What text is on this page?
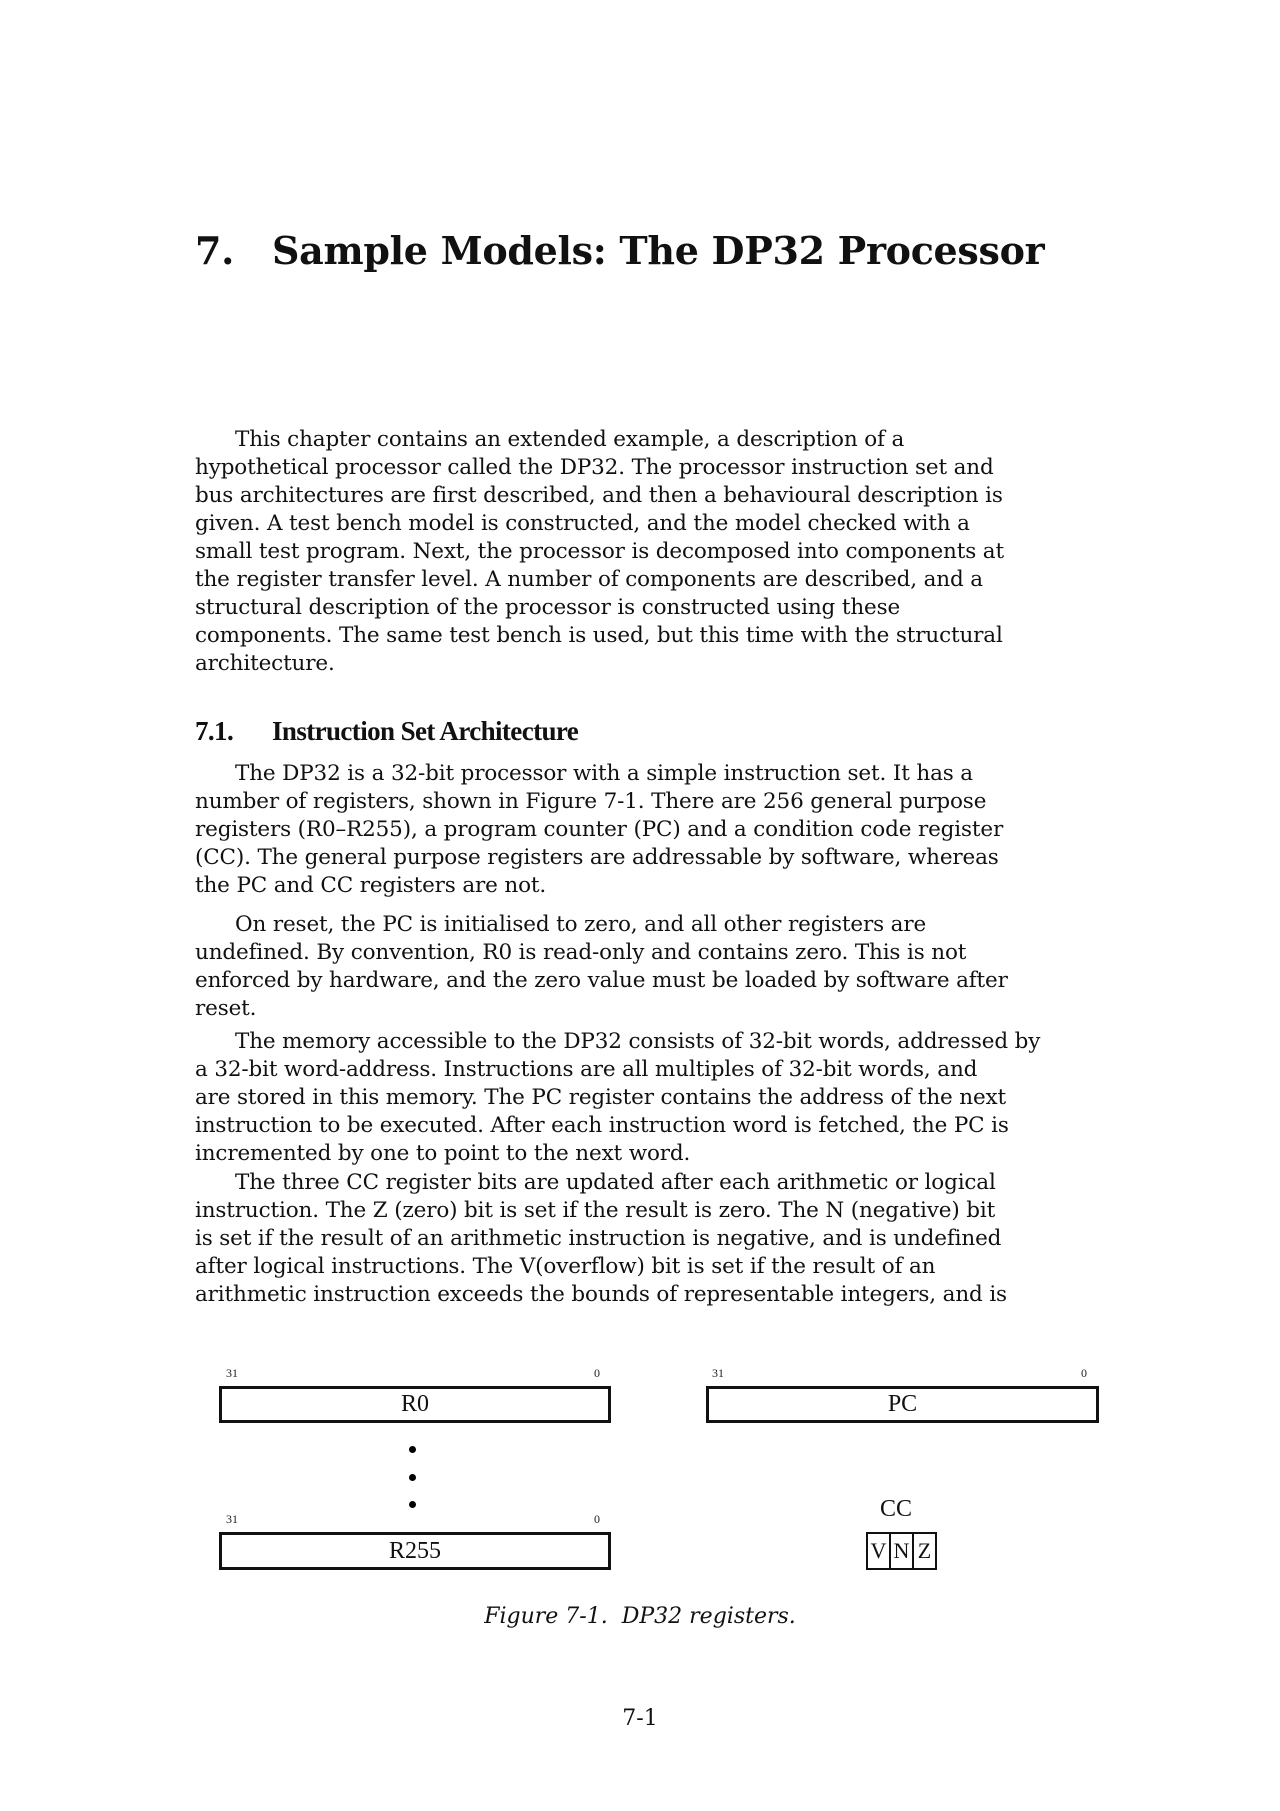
7. Sample Models: The DP32 Processor
This chapter contains an extended example, a description of a
hypothetical processor called the DP32. The processor instruction set and
bus architectures are first described, and then a behavioural description is
given. A test bench model is constructed, and the model checked with a
small test program. Next, the processor is decomposed into components at
the register transfer level. A number of components are described, and a
structural description of the processor is constructed using these
components. The same test bench is used, but this time with the structural
architecture.
7.1. Instruction Set Architecture
The DP32 is a 32-bit processor with a simple instruction set. It has a
number of registers, shown in Figure 7-1. There are 256 general purpose
registers (R0–R255), a program counter (PC) and a condition code register
(CC). The general purpose registers are addressable by software, whereas
the PC and CC registers are not.
On reset, the PC is initialised to zero, and all other registers are
undefined. By convention, R0 is read-only and contains zero. This is not
enforced by hardware, and the zero value must be loaded by software after
reset.
The memory accessible to the DP32 consists of 32-bit words, addressed by
a 32-bit word-address. Instructions are all multiples of 32-bit words, and
are stored in this memory. The PC register contains the address of the next
instruction to be executed. After each instruction word is fetched, the PC is
incremented by one to point to the next word.
The three CC register bits are updated after each arithmetic or logical
instruction. The Z (zero) bit is set if the result is zero. The N (negative) bit
is set if the result of an arithmetic instruction is negative, and is undefined
after logical instructions. The V(overflow) bit is set if the result of an
arithmetic instruction exceeds the bounds of representable integers, and is
31	0
R0
31	0
R255
31	0
PC
CC
V N Z
Figure 7-1. DP32 registers.
7-1
